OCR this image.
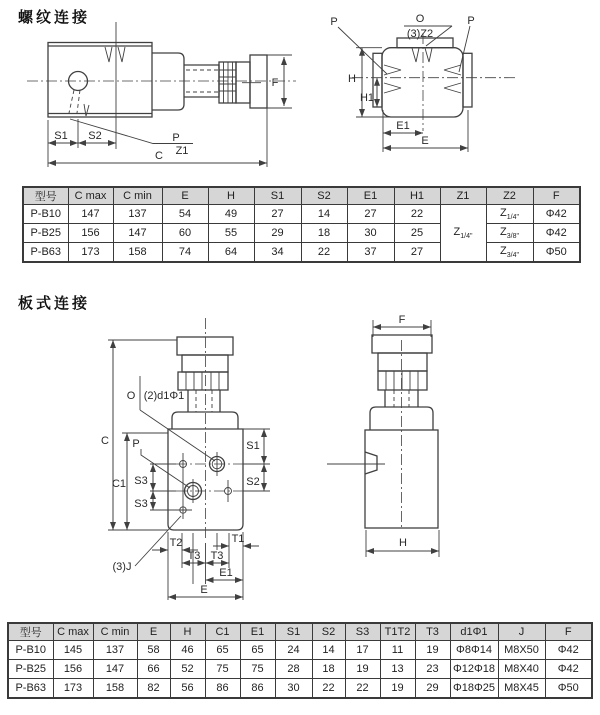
螺纹连接
F
S1 S2	P
Z1
C
P	O
(3)Z2
P
H
H1
E1
E
型号	C max	C min	E	H	S1	S2	E1	H1	Z1	Z2	F
P-B10	147	137	54	49	27	14	27	22	$Z_{1/4"}$	$Z_{1/4"}$	Φ42
P-B25	156	147	60	55	29	18	30	25		$Z_{3/8"}$	Φ42
P-B63	173	158	74	64	34	22	37	27		$Z_{3/4"}$	Φ50
板式连接
T2	T1
T3 T3
E1
E
C
C1
P
S3
S3
S1
S2
O (2)d1Φ1
(3)J
F
H
型号	C max	C min	E	H	C1	E1	S1	S2	S3	T1T2	T3	d1Φ1	J	F
P-B10	145	137	58	46	65	65	24	14	17	11	19	Φ8Φ14	M8X50	Φ42
P-B25	156	147	66	52	75	75	28	18	19	13	23	Φ12Φ18	M8X40	Φ42
P-B63	173	158	82	56	86	86	30	22	22	19	29	Φ18Φ25	M8X45	Φ50
